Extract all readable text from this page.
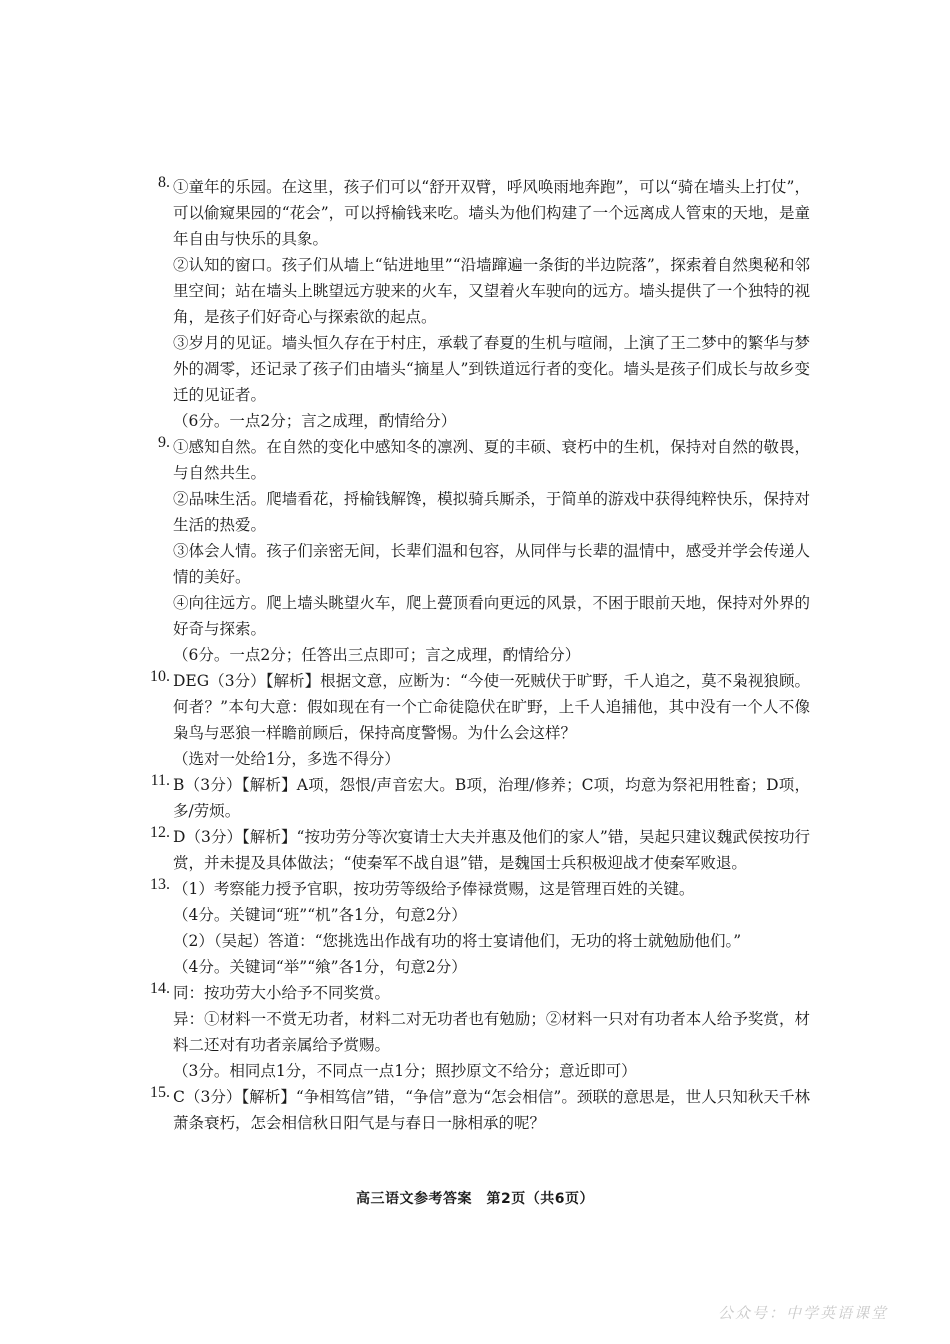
8. ①童年的乐园。在这里，孩子们可以“舒开双臂，呼风唤雨地奔跑”，可以“骑在墙头上打仗”，可以偷窥果园的“花会”，可以捋榆钱来吃。墙头为他们构建了一个远离成人管束的天地，是童年自由与快乐的具象。

②认知的窗口。孩子们从墙上“钻进地里”“沿墙蹿遍一条街的半边院落”，探索着自然奥秘和邻里空间；站在墙头上眺望远方驶来的火车，又望着火车驶向的远方。墙头提供了一个独特的视角，是孩子们好奇心与探索欲的起点。

③岁月的见证。墙头恒久存在于村庄，承载了春夏的生机与喧闹，上演了王二梦中的繁华与梦外的凋零，还记录了孩子们由墙头“摘星人”到铁道远行者的变化。墙头是孩子们成长与故乡变迁的见证者。

（6分。一点2分；言之成理，酌情给分）

9. ①感知自然。在自然的变化中感知冬的凛冽、夏的丰硕、衰朽中的生机，保持对自然的敬畏，与自然共生。

②品味生活。爬墙看花，捋榆钱解馋，模拟骑兵厮杀，于简单的游戏中获得纯粹快乐，保持对生活的热爱。

③体会人情。孩子们亲密无间，长辈们温和包容，从同伴与长辈的温情中，感受并学会传递人情的美好。

④向往远方。爬上墙头眺望火车，爬上甍顶看向更远的风景，不困于眼前天地，保持对外界的好奇与探索。

（6分。一点2分；任答出三点即可；言之成理，酌情给分）

10. DEG（3分）【解析】根据文意，应断为：“今使一死贼伏于旷野，千人追之，莫不枭视狼顾。何者？”本句大意：假如现在有一个亡命徒隐伏在旷野，上千人追捕他，其中没有一个人不像枭鸟与恶狼一样瞻前顾后，保持高度警惕。为什么会这样？

（选对一处给1分，多选不得分）

11. B（3分）【解析】A项，怨恨/声音宏大。B项，治理/修养；C项，均意为祭祀用牲畜；D项，多/劳烦。

12. D（3分）【解析】“按功劳分等次宴请士大夫并惠及他们的家人”错，吴起只建议魏武侯按功行赏，并未提及具体做法；“使秦军不战自退”错，是魏国士兵积极迎战才使秦军败退。

13. （1）考察能力授予官职，按功劳等级给予俸禄赏赐，这是管理百姓的关键。

（4分。关键词“班”“机”各1分，句意2分）

（2）（吴起）答道：“您挑选出作战有功的将士宴请他们，无功的将士就勉励他们。”

（4分。关键词“举”“飨”各1分，句意2分）

14. 同：按功劳大小给予不同奖赏。

异：①材料一不赏无功者，材料二对无功者也有勉励；②材料一只对有功者本人给予奖赏，材料二还对有功者亲属给予赏赐。

（3分。相同点1分，不同点一点1分；照抄原文不给分；意近即可）

15. C（3分）【解析】“争相笃信”错，“争信”意为“怎会相信”。颈联的意思是，世人只知秋天千林萧条衰朽，怎会相信秋日阳气是与春日一脉相承的呢？

高三语文参考答案　第2页（共6页）
公众号：中学英语课堂
